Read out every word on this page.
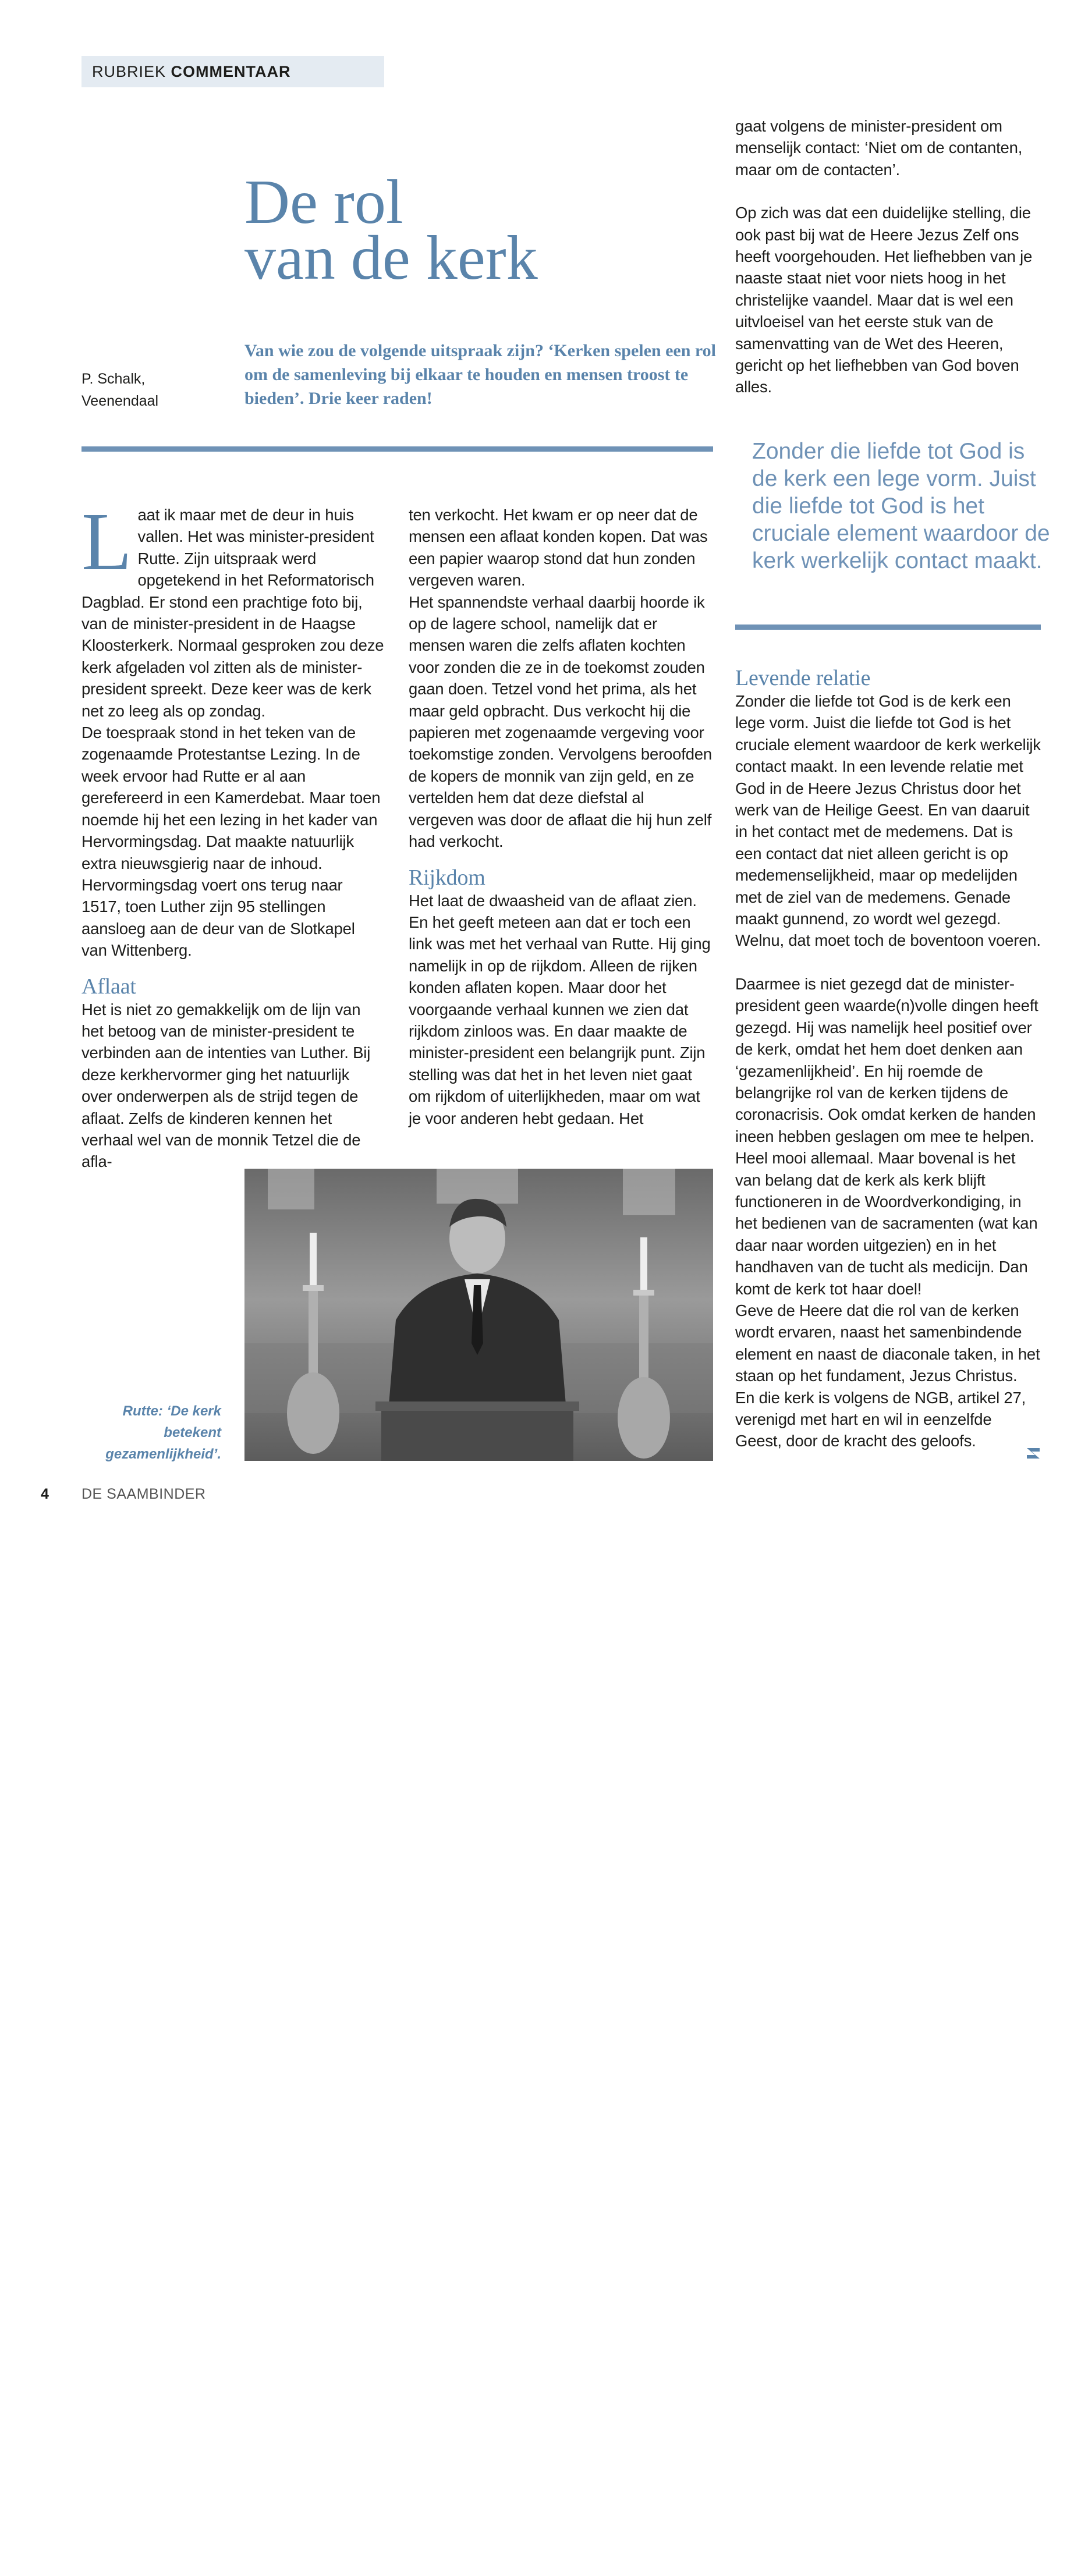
RUBRIEK COMMENTAAR
De rol
van de kerk
P. Schalk,
Veenendaal
Van wie zou de volgende uitspraak zijn? ‘Kerken spelen een rol om de samenleving bij elkaar te houden en mensen troost te bieden’. Drie keer raden!

Laat ik maar met de deur in huis vallen. Het was minister-president Rutte. Zijn uitspraak werd opgetekend in het Reformatorisch Dagblad. Er stond een prachtige foto bij, van de minister-president in de Haagse Kloosterkerk. Normaal gesproken zou deze kerk afgeladen vol zitten als de minister-president spreekt. Deze keer was de kerk net zo leeg als op zondag.

De toespraak stond in het teken van de zogenaamde Protestantse Lezing. In de week ervoor had Rutte er al aan gerefereerd in een Kamerdebat. Maar toen noemde hij het een lezing in het kader van Hervormingsdag. Dat maakte natuurlijk extra nieuwsgierig naar de inhoud. Hervormingsdag voert ons terug naar 1517, toen Luther zijn 95 stellingen aansloeg aan de deur van de Slotkapel van Wittenberg.

Aflaat

Het is niet zo gemakkelijk om de lijn van het betoog van de minister-president te verbinden aan de intenties van Luther. Bij deze kerkhervormer ging het natuurlijk over onderwerpen als de strijd tegen de aflaat. Zelfs de kinderen kennen het verhaal wel van de monnik Tetzel die de afla-

ten verkocht. Het kwam er op neer dat de mensen een aflaat konden kopen. Dat was een papier waarop stond dat hun zonden vergeven waren.

Het spannendste verhaal daarbij hoorde ik op de lagere school, namelijk dat er mensen waren die zelfs aflaten kochten voor zonden die ze in de toekomst zouden gaan doen. Tetzel vond het prima, als het maar geld opbracht. Dus verkocht hij die papieren met zogenaamde vergeving voor toekomstige zonden. Vervolgens beroofden de kopers de monnik van zijn geld, en ze vertelden hem dat deze diefstal al vergeven was door de aflaat die hij hun zelf had verkocht.

Rijkdom

Het laat de dwaasheid van de aflaat zien. En het geeft meteen aan dat er toch een link was met het verhaal van Rutte. Hij ging namelijk in op de rijkdom. Alleen de rijken konden aflaten kopen. Maar door het voorgaande verhaal kunnen we zien dat rijkdom zinloos was. En daar maakte de minister-president een belangrijk punt. Zijn stelling was dat het in het leven niet gaat om rijkdom of uiterlijkheden, maar om wat je voor anderen hebt gedaan. Het

gaat volgens de minister-president om menselijk contact: ‘Niet om de contanten, maar om de contacten’.

Op zich was dat een duidelijke stelling, die ook past bij wat de Heere Jezus Zelf ons heeft voorgehouden. Het liefhebben van je naaste staat niet voor niets hoog in het christelijke vaandel. Maar dat is wel een uitvloeisel van het eerste stuk van de samenvatting van de Wet des Heeren, gericht op het liefhebben van God boven alles.

Zonder die liefde tot God is de kerk een lege vorm. Juist die liefde tot God is het cruciale element waardoor de kerk werkelijk contact maakt.
Levende relatie

Zonder die liefde tot God is de kerk een lege vorm. Juist die liefde tot God is het cruciale element waardoor de kerk werkelijk contact maakt. In een levende relatie met God in de Heere Jezus Christus door het werk van de Heilige Geest. En van daaruit in het contact met de medemens. Dat is een contact dat niet alleen gericht is op medemenselijkheid, maar op medelijden met de ziel van de medemens. Genade maakt gunnend, zo wordt wel gezegd. Welnu, dat moet toch de boventoon voeren.

Daarmee is niet gezegd dat de minister-president geen waarde(n)volle dingen heeft gezegd. Hij was namelijk heel positief over de kerk, omdat het hem doet denken aan ‘gezamenlijkheid’. En hij roemde de belangrijke rol van de kerken tijdens de coronacrisis. Ook omdat kerken de handen ineen hebben geslagen om mee te helpen. Heel mooi allemaal. Maar bovenal is het van belang dat de kerk als kerk blijft functioneren in de Woordverkondiging, in het bedienen van de sacramenten (wat kan daar naar worden uitgezien) en in het handhaven van de tucht als medicijn. Dan komt de kerk tot haar doel!

Geve de Heere dat die rol van de kerken wordt ervaren, naast het samenbindende element en naast de diaconale taken, in het staan op het fundament, Jezus Christus. En die kerk is volgens de NGB, artikel 27, verenigd met hart en wil in eenzelfde Geest, door de kracht des geloofs.

foto: PKN
Rutte: ‘De kerk betekent gezamenlijkheid’.
4 DE SAAMBINDER
